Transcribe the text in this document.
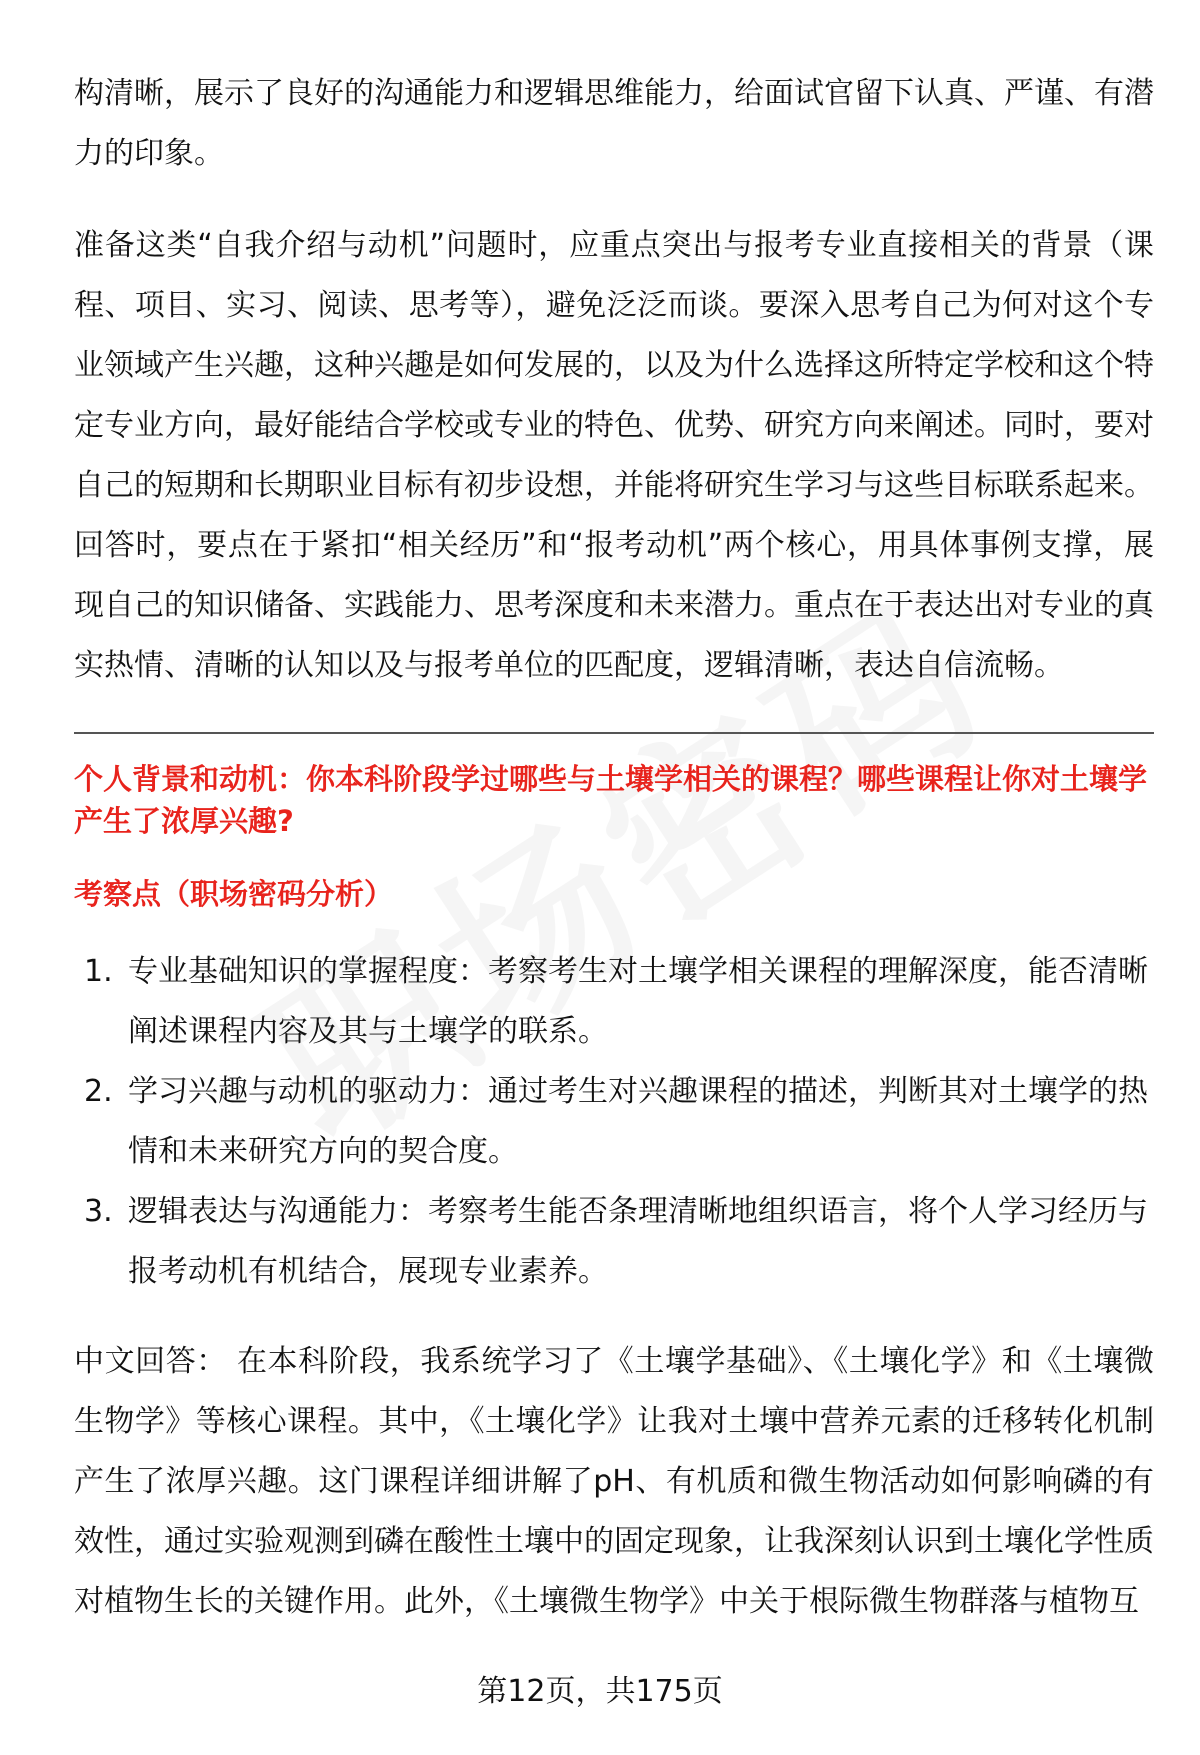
构清晰，展示了良好的沟通能力和逻辑思维能力，给面试官留下认真、严谨、有潜力的印象。

准备这类“自我介绍与动机”问题时，应重点突出与报考专业直接相关的背景（课程、项目、实习、阅读、思考等），避免泛泛而谈。要深入思考自己为何对这个专业领域产生兴趣，这种兴趣是如何发展的，以及为什么选择这所特定学校和这个特定专业方向，最好能结合学校或专业的特色、优势、研究方向来阐述。同时，要对自己的短期和长期职业目标有初步设想，并能将研究生学习与这些目标联系起来。回答时，要点在于紧扣“相关经历”和“报考动机”两个核心，用具体事例支撑，展现自己的知识储备、实践能力、思考深度和未来潜力。重点在于表达出对专业的真实热情、清晰的认知以及与报考单位的匹配度，逻辑清晰，表达自信流畅。

个人背景和动机：你本科阶段学过哪些与土壤学相关的课程？哪些课程让你对土壤学产生了浓厚兴趣?

考察点（职场密码分析）

1. 专业基础知识的掌握程度：考察考生对土壤学相关课程的理解深度，能否清晰阐述课程内容及其与土壤学的联系。
2. 学习兴趣与动机的驱动力：通过考生对兴趣课程的描述，判断其对土壤学的热情和未来研究方向的契合度。
3. 逻辑表达与沟通能力：考察考生能否条理清晰地组织语言，将个人学习经历与报考动机有机结合，展现专业素养。

中文回答： 在本科阶段，我系统学习了《土壤学基础》、《土壤化学》和《土壤微生物学》等核心课程。其中，《土壤化学》让我对土壤中营养元素的迁移转化机制产生了浓厚兴趣。这门课程详细讲解了pH、有机质和微生物活动如何影响磷的有效性，通过实验观测到磷在酸性土壤中的固定现象，让我深刻认识到土壤化学性质对植物生长的关键作用。此外，《土壤微生物学》中关于根际微生物群落与植物互

第12页，共175页
